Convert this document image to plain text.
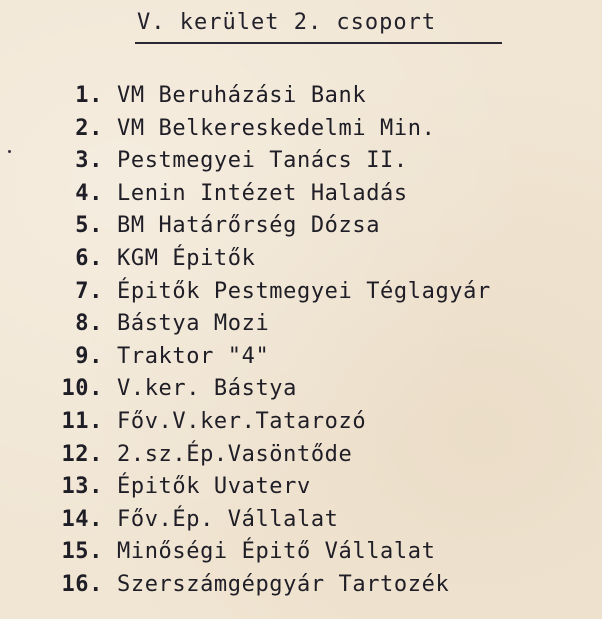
V. kerület 2. csoport
1. VM Beruházási Bank
2. VM Belkereskedelmi Min.
3. Pestmegyei Tanács II.
4. Lenin Intézet Haladás
5. BM Határőrség Dózsa
6. KGM Épitők
7. Épitők Pestmegyei Téglagyár
8. Bástya Mozi
9. Traktor "4"
10. V.ker. Bástya
11. Főv.V.ker.Tatarozó
12. 2.sz.Ép.Vasöntőde
13. Épitők Uvaterv
14. Főv.Ép. Vállalat
15. Minőségi Épitő Vállalat
16. Szerszámgépgyár Tartozék
